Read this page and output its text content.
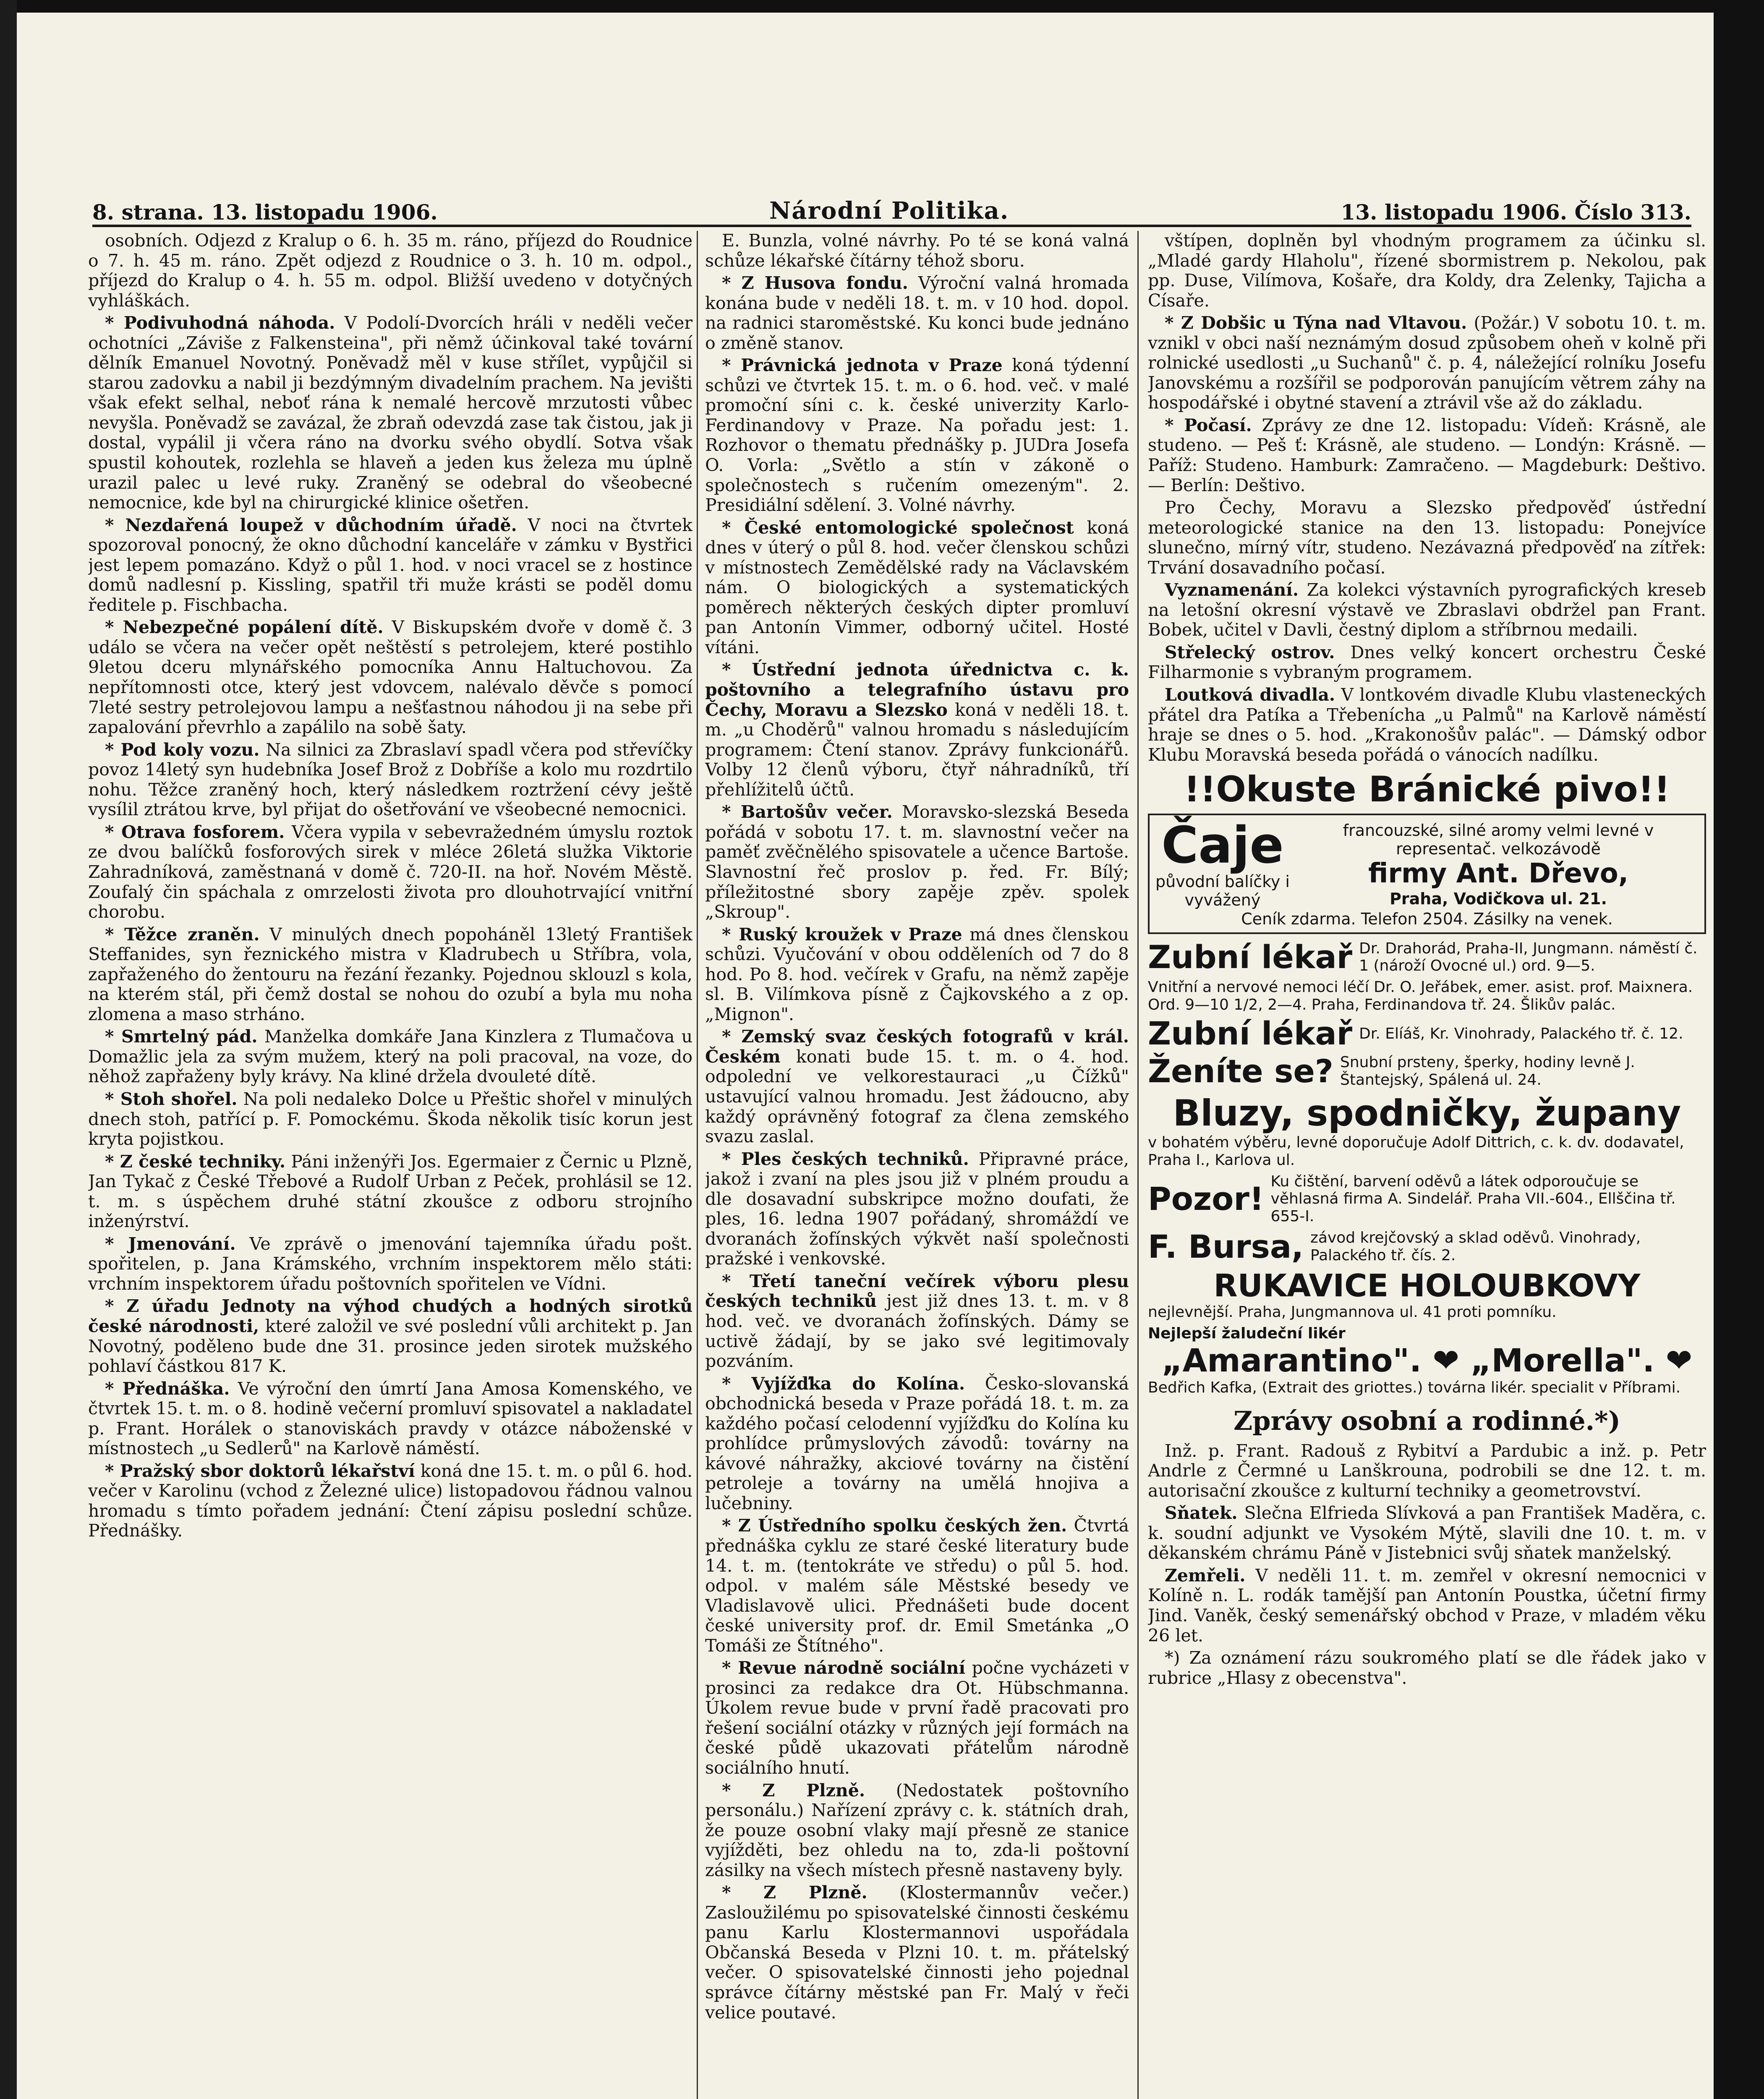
8. strana. 13. listopadu 1906.	Národní Politika.	13. listopadu 1906. Číslo 313.

osobních. Odjezd z Kralup o 6. h. 35 m. ráno, příjezd do Roudnice o 7. h. 45 m. ráno. Zpět odjezd z Roudnice o 3. h. 10 m. odpol., příjezd do Kralup o 4. h. 55 m. odpol. Bližší uvedeno v dotyčných vyhláškách.

* Podivuhodná náhoda. V Podolí-Dvorcích hráli v neděli večer ochotníci „Záviše z Falkensteina", při němž účinkoval také tovární dělník Emanuel Novotný. Poněvadž měl v kuse střílet, vypůjčil si starou zadovku a nabil ji bezdýmným divadelním prachem. Na jevišti však efekt selhal, neboť rána k nemalé hercově mrzutosti vůbec nevyšla. Poněvadž se zavázal, že zbraň odevzdá zase tak čistou, jak ji dostal, vypálil ji včera ráno na dvorku svého obydlí. Sotva však spustil kohoutek, rozlehla se hlaveň a jeden kus železa mu úplně urazil palec u levé ruky. Zraněný se odebral do všeobecné nemocnice, kde byl na chirurgické klinice ošetřen.

* Nezdařená loupež v důchodním úřadě. V noci na čtvrtek spozoroval ponocný, že okno důchodní kanceláře v zámku v Bystřici jest lepem pomazáno. Když o půl 1. hod. v noci vracel se z hostince domů nadlesní p. Kissling, spatřil tři muže krásti se poděl domu ředitele p. Fischbacha.

* Nebezpečné popálení dítě. V Biskupském dvoře v domě č. 3 událo se včera na večer opět neštěstí s petrolejem, které postihlo 9letou dceru mlynářského pomocníka Annu Haltuchovou. Za nepřítomnosti otce, který jest vdovcem, nalévalo děvče s pomocí 7leté sestry petrolejovou lampu a nešťastnou náhodou ji na sebe při zapalování převrhlo a zapálilo na sobě šaty.

* Pod koly vozu. Na silnici za Zbraslaví spadl včera pod střevíčky povoz 14letý syn hudebníka Josef Brož z Dobříše a kolo mu rozdrtilo nohu. Těžce zraněný hoch, který následkem roztržení cévy ještě vysílil ztrátou krve, byl přijat do ošetřování ve všeobecné nemocnici.

* Otrava fosforem. Včera vypila v sebevražedném úmyslu roztok ze dvou balíčků fosforových sirek v mléce 26letá služka Viktorie Zahradníková, zaměstnaná v domě č. 720-II. na hoř. Novém Městě. Zoufalý čin spáchala z omrzelosti života pro dlouhotrvající vnitřní chorobu.

* Těžce zraněn. V minulých dnech popoháněl 13letý František Steffanides, syn řeznického mistra v Kladrubech u Stříbra, vola, zapřaženého do žentouru na řezání řezanky. Pojednou sklouzl s kola, na kterém stál, při čemž dostal se nohou do ozubí a byla mu noha zlomena a maso strháno.

* Smrtelný pád. Manželka domkáře Jana Kinzlera z Tlumačova u Domažlic jela za svým mužem, který na poli pracoval, na voze, do něhož zapřaženy byly krávy. Na kliné držela dvouleté dítě.

* Stoh shořel. Na poli nedaleko Dolce u Přeštic shořel v minulých dnech stoh, patřící p. F. Pomockému. Škoda několik tisíc korun jest kryta pojistkou.

* Z české techniky. Páni inženýři Jos. Egermaier z Černic u Plzně, Jan Tykač z České Třebové a Rudolf Urban z Peček, prohlásil se 12. t. m. s úspěchem druhé státní zkoušce z odboru strojního inženýrství.

* Jmenování. Ve zprávě o jmenování tajemníka úřadu pošt. spořitelen, p. Jana Krámského, vrchním inspektorem mělo státi: vrchním inspektorem úřadu poštovních spořitelen ve Vídni.

* Z úřadu Jednoty na výhod chudých a hodných sirotků české národnosti, které založil ve své poslední vůli architekt p. Jan Novotný, poděleno bude dne 31. prosince jeden sirotek mužského pohlaví částkou 817 K.

* Přednáška. Ve výroční den úmrtí Jana Amosa Komenského, ve čtvrtek 15. t. m. o 8. hodině večerní promluví spisovatel a nakladatel p. Frant. Horálek o stanoviskách pravdy v otázce náboženské v místnostech „u Sedlerů" na Karlově náměstí.

* Pražský sbor doktorů lékařství koná dne 15. t. m. o půl 6. hod. večer v Karolinu (vchod z Železné ulice) listopadovou řádnou valnou hromadu s tímto pořadem jednání: Čtení zápisu poslední schůze. Přednášky.

E. Bunzla, volné návrhy. Po té se koná valná schůze lékařské čítárny téhož sboru.

* Z Husova fondu. Výroční valná hromada konána bude v neděli 18. t. m. v 10 hod. dopol. na radnici staroměstské. Ku konci bude jednáno o změně stanov.

* Právnická jednota v Praze koná týdenní schůzi ve čtvrtek 15. t. m. o 6. hod. več. v malé promoční síni c. k. české univerzity Karlo-Ferdinandovy v Praze. Na pořadu jest: 1. Rozhovor o thematu přednášky p. JUDra Josefa O. Vorla: „Světlo a stín v zákoně o společnostech s ručením omezeným". 2. Presidiální sdělení. 3. Volné návrhy.

* České entomologické společnost koná dnes v úterý o půl 8. hod. večer členskou schůzi v místnostech Zemědělské rady na Václavském nám. O biologických a systematických poměrech některých českých dipter promluví pan Antonín Vimmer, odborný učitel. Hosté vítáni.

* Ústřední jednota úřednictva c. k. poštovního a telegrafního ústavu pro Čechy, Moravu a Slezsko koná v neděli 18. t. m. „u Choděrů" valnou hromadu s následujícím programem: Čtení stanov. Zprávy funkcionářů. Volby 12 členů výboru, čtyř náhradníků, tří přehlížitelů účtů.

* Bartošův večer. Moravsko-slezská Beseda pořádá v sobotu 17. t. m. slavnostní večer na paměť zvěčnělého spisovatele a učence Bartoše. Slavnostní řeč proslov p. řed. Fr. Bílý; příležitostné sbory zapěje zpěv. spolek „Skroup".

* Ruský kroužek v Praze má dnes členskou schůzi. Vyučování v obou odděleních od 7 do 8 hod. Po 8. hod. večírek v Grafu, na němž zapěje sl. B. Vilímkova písně z Čajkovského a z op. „Mignon".

* Zemský svaz českých fotografů v král. Českém konati bude 15. t. m. o 4. hod. odpolední ve velkorestauraci „u Čížků" ustavující valnou hromadu. Jest žádoucno, aby každý oprávněný fotograf za člena zemského svazu zaslal.

* Ples českých techniků. Připravné práce, jakož i zvaní na ples jsou již v plném proudu a dle dosavadní subskripce možno doufati, že ples, 16. ledna 1907 pořádaný, shromáždí ve dvoranách žofínských výkvět naší společnosti pražské i venkovské.

* Třetí taneční večírek výboru plesu českých techniků jest již dnes 13. t. m. v 8 hod. več. ve dvoranách žofínských. Dámy se uctivě žádají, by se jako své legitimovaly pozváním.

* Vyjížďka do Kolína. Česko-slovanská obchodnická beseda v Praze pořádá 18. t. m. za každého počasí celodenní vyjížďku do Kolína ku prohlídce průmyslových závodů: továrny na kávové náhražky, akciové továrny na čistění petroleje a továrny na umělá hnojiva a lučebniny.

* Z Ústředního spolku českých žen. Čtvrtá přednáška cyklu ze staré české literatury bude 14. t. m. (tentokráte ve středu) o půl 5. hod. odpol. v malém sále Městské besedy ve Vladislavově ulici. Přednášeti bude docent české university prof. dr. Emil Smetánka „O Tomáši ze Štítného".

* Revue národně sociální počne vycházeti v prosinci za redakce dra Ot. Hübschmanna. Úkolem revue bude v první řadě pracovati pro řešení sociální otázky v různých její formách na české půdě ukazovati přátelům národně sociálního hnutí.

* Z Plzně. (Nedostatek poštovního personálu.) Nařízení zprávy c. k. státních drah, že pouze osobní vlaky mají přesně ze stanice vyjížděti, bez ohledu na to, zda-li poštovní zásilky na všech místech přesně nastaveny byly.

* Z Plzně. (Klostermannův večer.) Zasloužilému po spisovatelské činnosti českému panu Karlu Klostermannovi uspořádala Občanská Beseda v Plzni 10. t. m. přátelský večer. O spisovatelské činnosti jeho pojednal správce čítárny městské pan Fr. Malý v řeči velice poutavé.

vštípen, doplněn byl vhodným programem za účinku sl. „Mladé gardy Hlaholu", řízené sbormistrem p. Nekolou, pak pp. Duse, Vilímova, Košaře, dra Koldy, dra Zelenky, Tajicha a Císaře.

* Z Dobšic u Týna nad Vltavou. (Požár.) V sobotu 10. t. m. vznikl v obci naší neznámým dosud způsobem oheň v kolně při rolnické usedlosti „u Suchanů" č. p. 4, náležející rolníku Josefu Janovskému a rozšířil se podporován panujícím větrem záhy na hospodářské i obytné stavení a ztrávil vše až do základu.

* Počasí. Zprávy ze dne 12. listopadu: Vídeň: Krásně, ale studeno. — Peš ť: Krásně, ale studeno. — Londýn: Krásně. — Paříž: Studeno. Hamburk: Zamračeno. — Magdeburk: Deštivo. — Berlín: Deštivo.

Pro Čechy, Moravu a Slezsko předpověď ústřední meteorologické stanice na den 13. listopadu: Ponejvíce slunečno, mírný vítr, studeno. Nezávazná předpověď na zítřek: Trvání dosavadního počasí.

Vyznamenání. Za kolekci výstavních pyrografických kreseb na letošní okresní výstavě ve Zbraslavi obdržel pan Frant. Bobek, učitel v Davli, čestný diplom a stříbrnou medaili.

Střelecký ostrov. Dnes velký koncert orchestru České Filharmonie s vybraným programem.

Loutková divadla. V lontkovém divadle Klubu vlasteneckých přátel dra Patíka a Třebenícha „u Palmů" na Karlově náměstí hraje se dnes o 5. hod. „Krakonošův palác". — Dámský odbor Klubu Moravská beseda pořádá o vánocích nadílku.

!!Okuste Bránické pivo!!
Čaje
původní balíčky i vyvážený
francouzské, silné aromy velmi levné v representač. velkozávodě
firmy Ant. Dřevo,
Praha, Vodičkova ul. 21.
Ceník zdarma. Telefon 2504. Zásilky na venek.
Zubní lékař Dr. Drahorád, Praha-II, Jungmann. náměstí č. 1 (nároží Ovocné ul.) ord. 9—5.
Vnitřní a nervové nemoci léčí Dr. O. Jeřábek, emer. asist. prof. Maixnera. Ord. 9—10 1/2, 2—4. Praha, Ferdinandova tř. 24. Šlikův palác.
Zubní lékař Dr. Elíáš, Kr. Vinohrady, Palackého tř. č. 12.
Ženíte se? Snubní prsteny, šperky, hodiny levně J. Štantejský, Spálená ul. 24.
Bluzy, spodničky, župany
v bohatém výběru, levné doporučuje Adolf Dittrich, c. k. dv. dodavatel, Praha I., Karlova ul.
Pozor! Ku čištění, barvení oděvů a látek odporoučuje se věhlasná firma A. Sindelář. Praha VII.-604., Ellščina tř. 655-I.
F. Bursa, závod krejčovský a sklad oděvů. Vinohrady, Palackého tř. čís. 2.
RUKAVICE HOLOUBKOVY
nejlevnější. Praha, Jungmannova ul. 41 proti pomníku.
Nejlepší žaludeční likér
„Amarantino". ❤ „Morella". ❤
Bedřich Kafka, (Extrait des griottes.) továrna likér. specialit v Příbrami.
Zprávy osobní a rodinné.*)

Inž. p. Frant. Radouš z Rybitví a Pardubic a inž. p. Petr Andrle z Čermné u Lanškrouna, podrobili se dne 12. t. m. autorisační zkoušce z kulturní techniky a geometrovství.

Sňatek. Slečna Elfrieda Slívková a pan František Maděra, c. k. soudní adjunkt ve Vysokém Mýtě, slavili dne 10. t. m. v děkanském chrámu Páně v Jistebnici svůj sňatek manželský.

Zemřeli. V neděli 11. t. m. zemřel v okresní nemocnici v Kolíně n. L. rodák tamější pan Antonín Poustka, účetní firmy Jind. Vaněk, český semenářský obchod v Praze, v mladém věku 26 let.

*) Za oznámení rázu soukromého platí se dle řádek jako v rubrice „Hlasy z obecenstva".
